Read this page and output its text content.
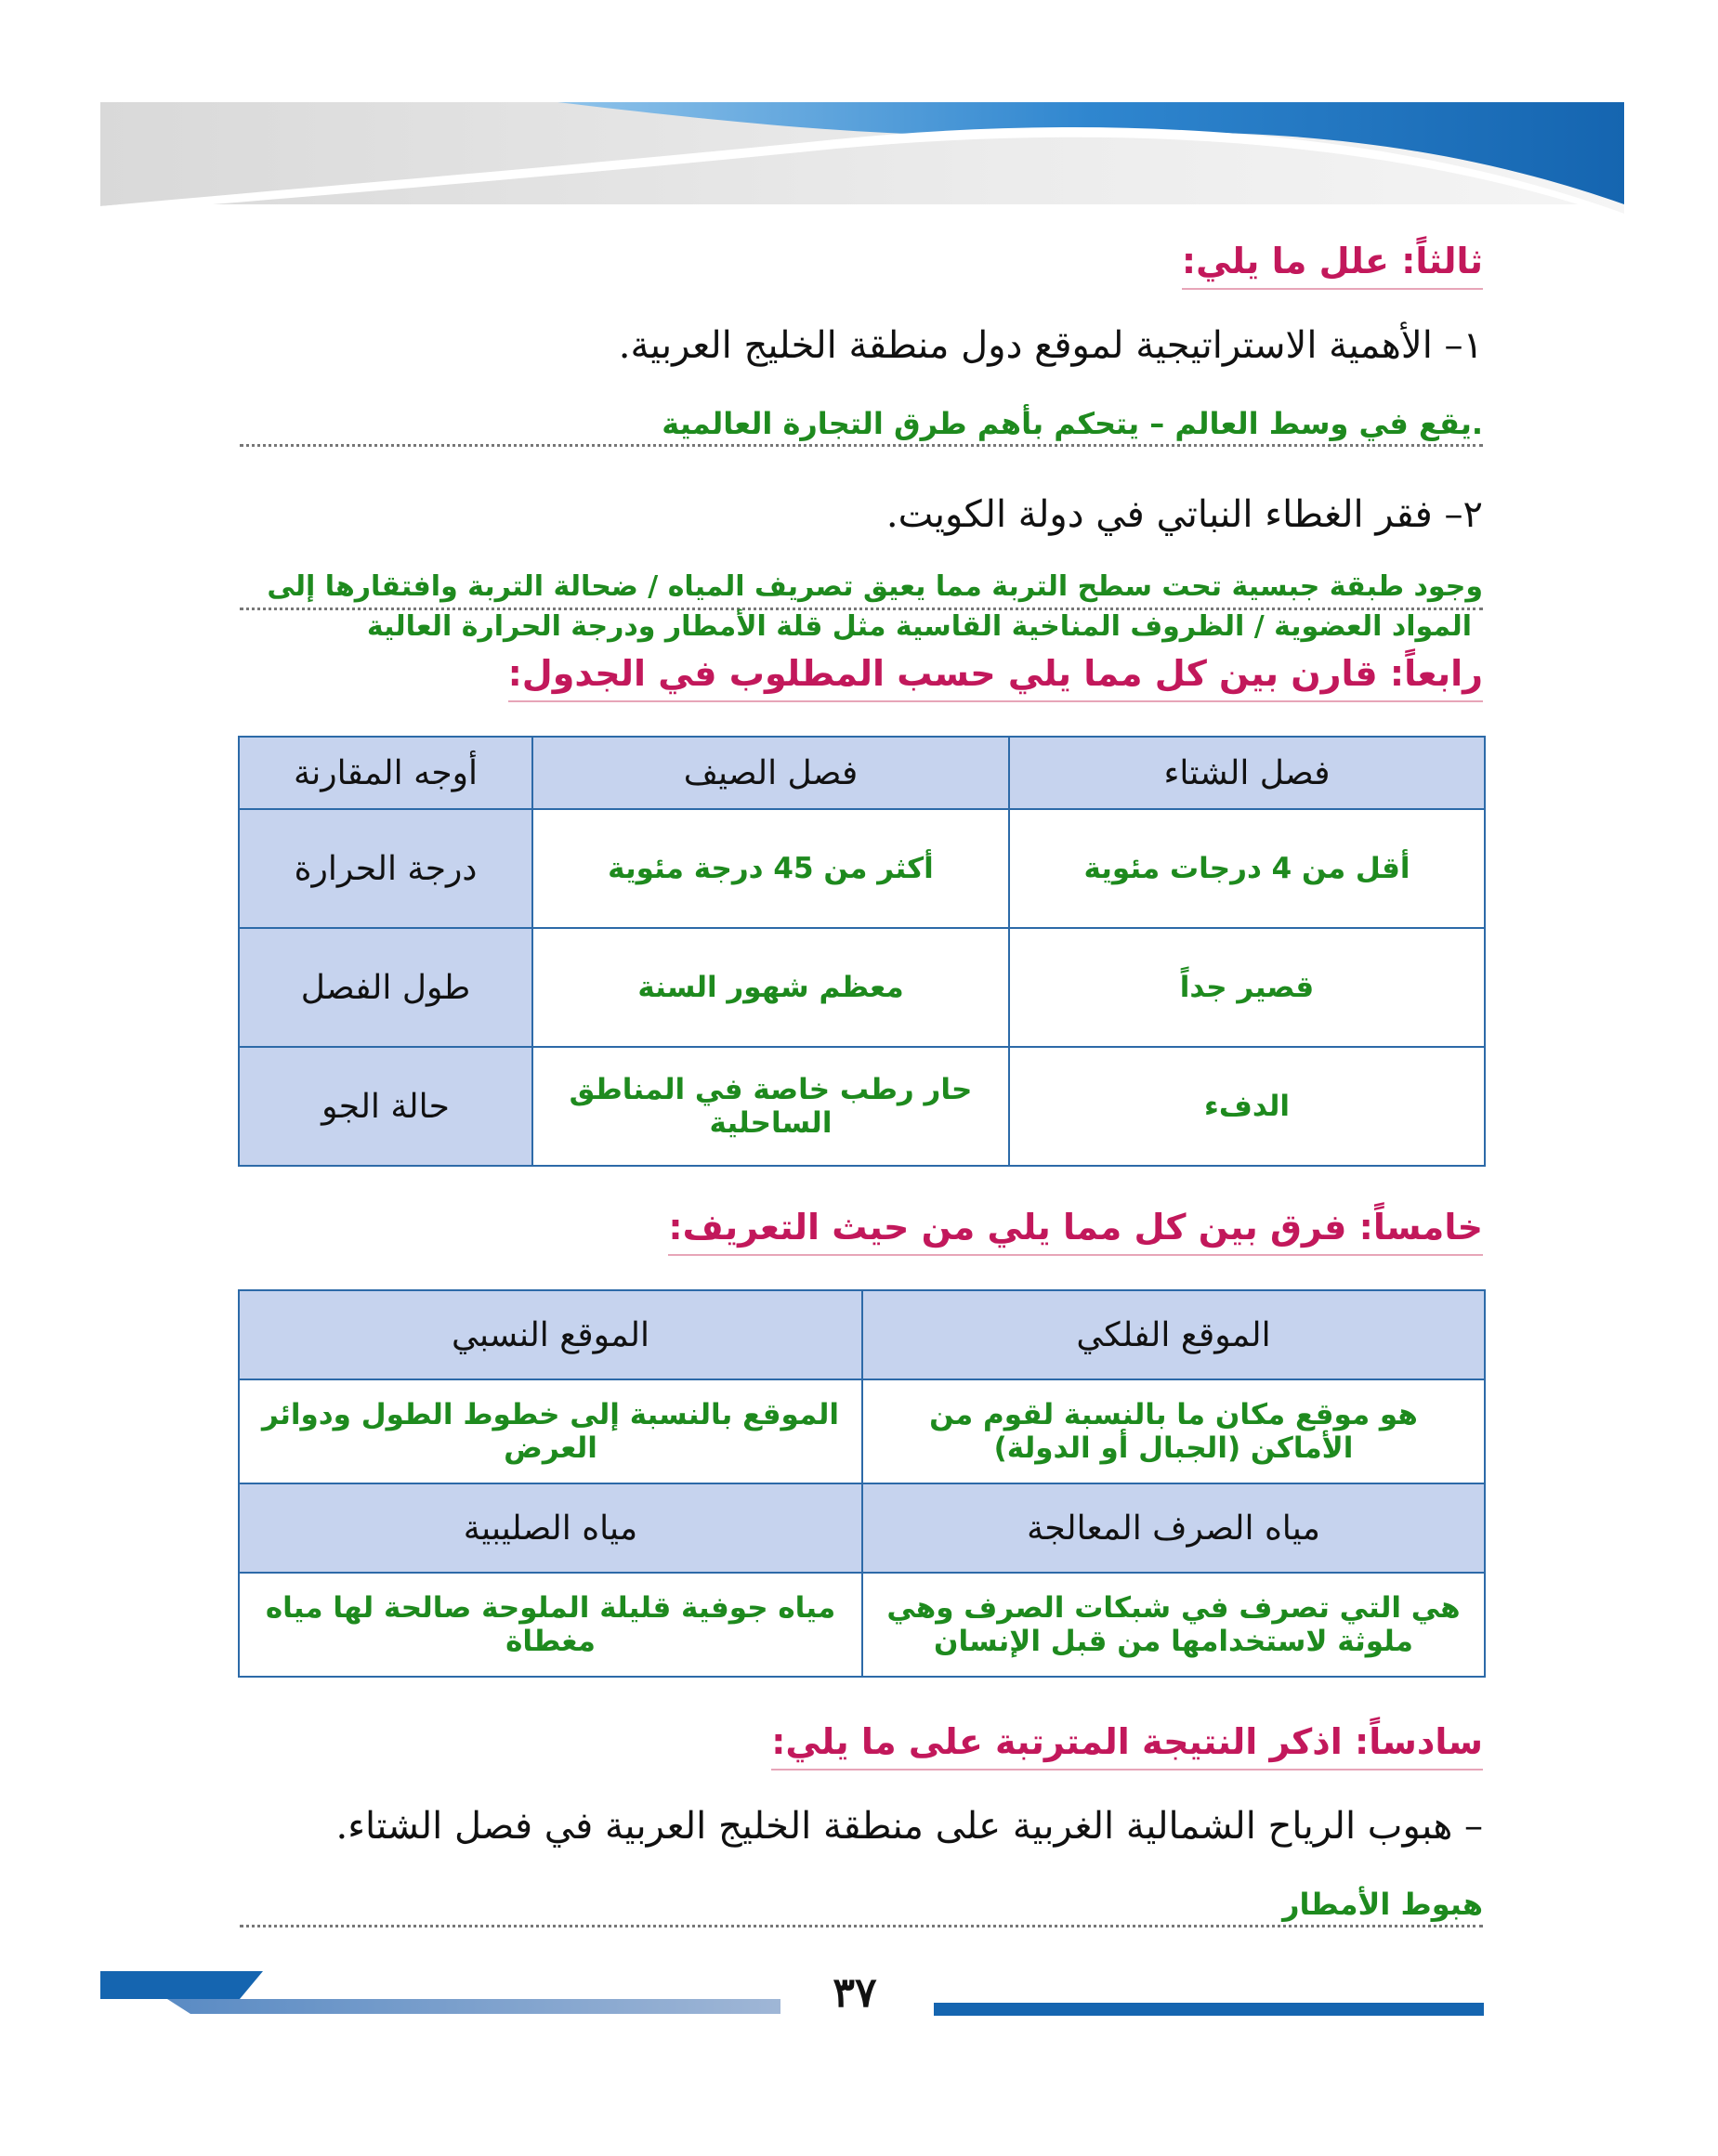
ثالثاً: علل ما يلي:
١– الأهمية الاستراتيجية لموقع دول منطقة الخليج العربية.
.يقع في وسط العالم – يتحكم بأهم طرق التجارة العالمية
٢– فقر الغطاء النباتي في دولة الكويت.
وجود طبقة جبسية تحت سطح التربة مما يعيق تصريف المياه / ضحالة التربة وافتقارها إلى
المواد العضوية / الظروف المناخية القاسية مثل قلة الأمطار ودرجة الحرارة العالية
رابعاً: قارن بين كل مما يلي حسب المطلوب في الجدول:
فصل الشتاء	فصل الصيف	أوجه المقارنة
أقل من 4 درجات مئوية	أكثر من 45 درجة مئوية	درجة الحرارة
قصير جداً	معظم شهور السنة	طول الفصل
الدفء	حار رطب خاصة في المناطق الساحلية	حالة الجو
خامساً: فرق بين كل مما يلي من حيث التعريف:
الموقع الفلكي	الموقع النسبي
هو موقع مكان ما بالنسبة لقوم من الأماكن (الجبال أو الدولة)	الموقع بالنسبة إلى خطوط الطول ودوائر العرض
مياه الصرف المعالجة	مياه الصليبية
هي التي تصرف في شبكات الصرف وهي ملوثة لاستخدامها من قبل الإنسان	مياه جوفية قليلة الملوحة صالحة لها مياه مغطاة
سادساً: اذكر النتيجة المترتبة على ما يلي:
– هبوب الرياح الشمالية الغربية على منطقة الخليج العربية في فصل الشتاء.
هبوط الأمطار
٣٧
